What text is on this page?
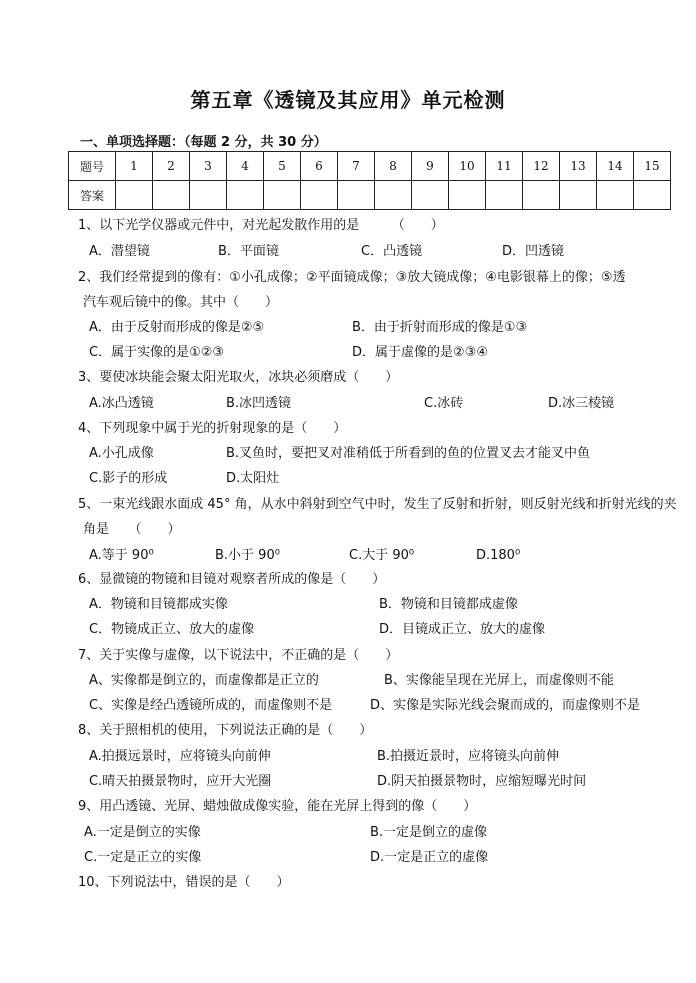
第五章《透镜及其应用》单元检测
一、单项选择题：（每题 2 分，共 30 分）
题号	1	2	3	4	5	6	7	8	9	10	11	12	13	14	15
答案															
1、以下光学仪器或元件中，对光起发散作用的是　　　（　　）
A．潜望镜	B．平面镜	C．凸透镜	D．凹透镜
2、我们经常提到的像有：①小孔成像；②平面镜成像；③放大镜成像；④电影银幕上的像；⑤透
汽车观后镜中的像。其中（　　）
A．由于反射而形成的像是②⑤	B．由于折射而形成的像是①③
C．属于实像的是①②③	D．属于虚像的是②③④
3、要使冰块能会聚太阳光取火，冰块必须磨成（　　）
A.冰凸透镜	B.冰凹透镜	C.冰砖	D.冰三棱镜
4、下列现象中属于光的折射现象的是（　　）
A.小孔成像	B.叉鱼时，要把叉对准稍低于所看到的鱼的位置叉去才能叉中鱼
C.影子的形成	D.太阳灶
5、一束光线跟水面成 45° 角，从水中斜射到空气中时，发生了反射和折射，则反射光线和折射光线的夹
角是　　（　　）
A.等于 90⁰	B.小于 90⁰	C.大于 90⁰	D.180⁰
6、显微镜的物镜和目镜对观察者所成的像是（　　）
A．物镜和目镜都成实像	B．物镜和目镜都成虚像
C．物镜成正立、放大的虚像	D．目镜成正立、放大的虚像
7、关于实像与虚像，以下说法中，不正确的是（　　）
A、实像都是倒立的，而虚像都是正立的	B、实像能呈现在光屏上，而虚像则不能
C、实像是经凸透镜所成的，而虚像则不是	D、实像是实际光线会聚而成的，而虚像则不是
8、关于照相机的使用，下列说法正确的是（　　）
A.拍摄远景时，应将镜头向前伸	B.拍摄近景时，应将镜头向前伸
C.晴天拍摄景物时，应开大光圈	D.阴天拍摄景物时，应缩短曝光时间
9、用凸透镜、光屏、蜡烛做成像实验，能在光屏上得到的像（　　）
A.一定是倒立的实像	B.一定是倒立的虚像
C.一定是正立的实像	D.一定是正立的虚像
10、下列说法中，错误的是（　　）
